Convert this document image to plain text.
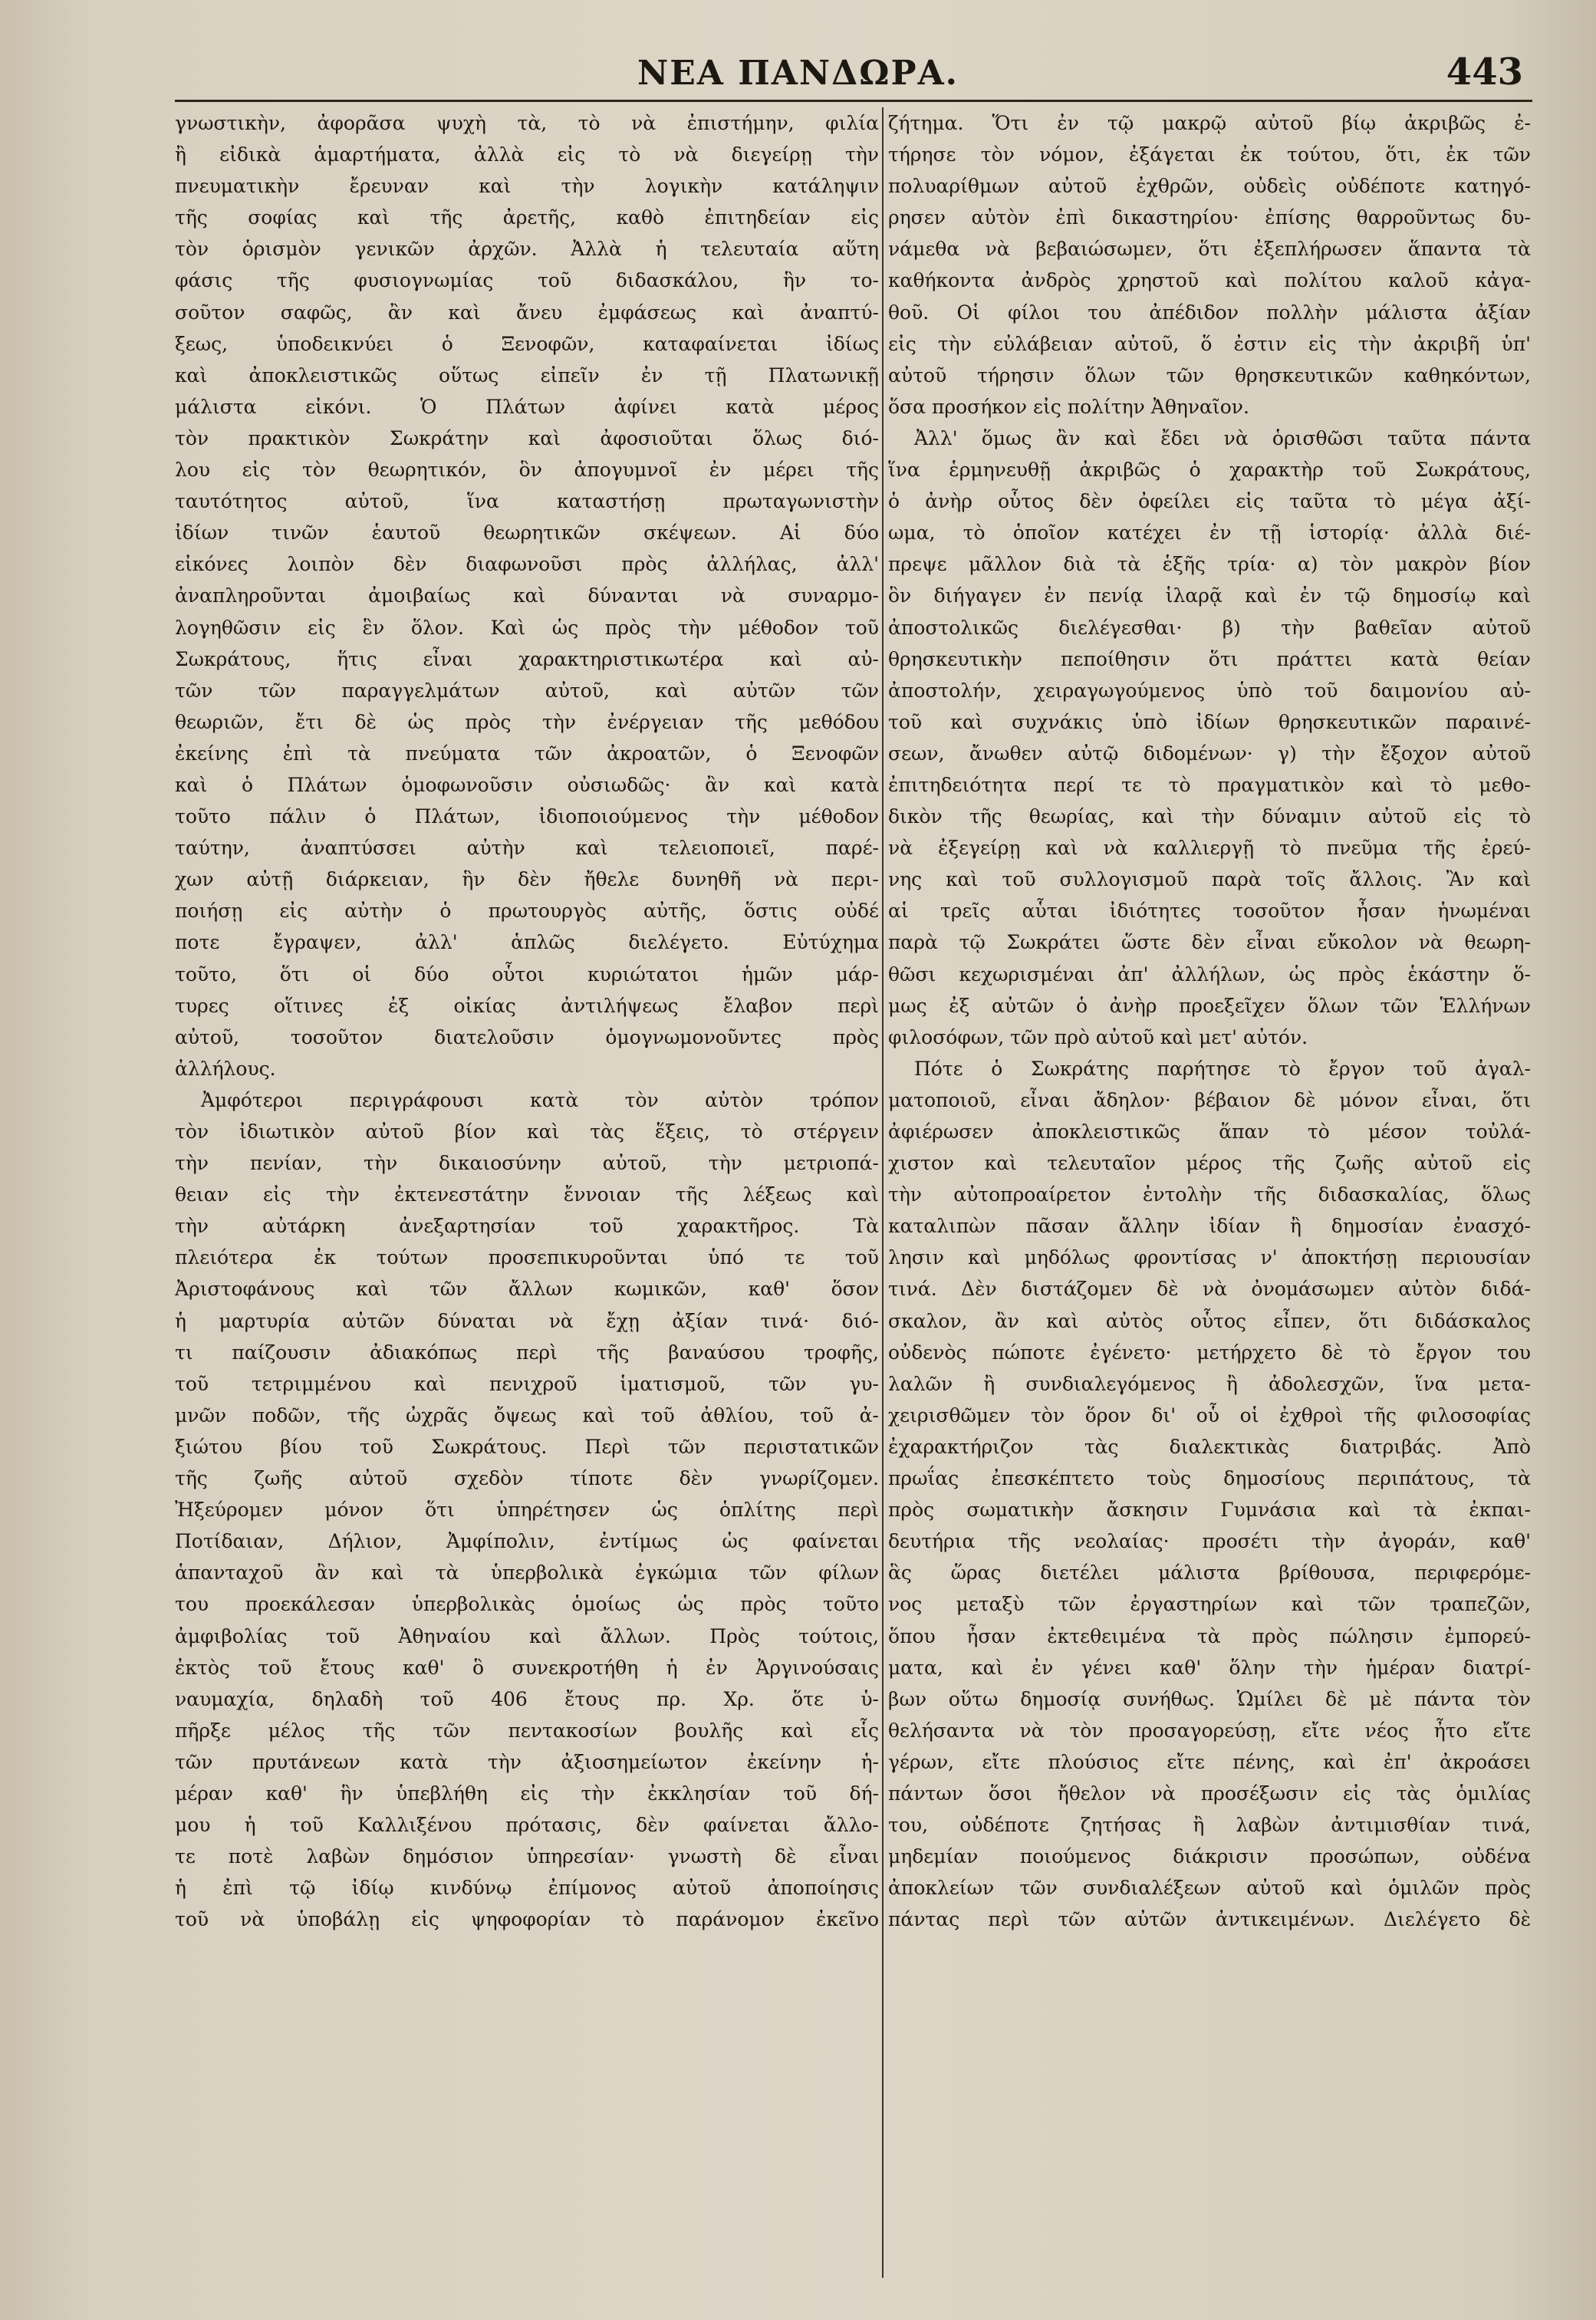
ΝΕΑ ΠΑΝΔΩΡΑ.	443
γνωστικὴν, ἀφορᾶσα ψυχὴ τὰ, τὸ νὰ ἐπιστήμην, φιλία
ἢ εἰδικὰ ἁμαρτήματα, ἀλλὰ εἰς τὸ νὰ διεγείρῃ τὴν
πνευματικὴν ἔρευναν καὶ τὴν λογικὴν κατάληψιν
τῆς σοφίας καὶ τῆς ἀρετῆς, καθὸ ἐπιτηδείαν εἰς
τὸν ὁρισμὸν γενικῶν ἀρχῶν. Ἀλλὰ ἡ τελευταία αὕτη
φάσις τῆς φυσιογνωμίας τοῦ διδασκάλου, ἣν το-
σοῦτον σαφῶς, ἂν καὶ ἄνευ ἐμφάσεως καὶ ἀναπτύ-
ξεως, ὑποδεικνύει ὁ Ξενοφῶν, καταφαίνεται ἰδίως
καὶ ἀποκλειστικῶς οὕτως εἰπεῖν ἐν τῇ Πλατωνικῇ
μάλιστα εἰκόνι. Ὁ Πλάτων ἀφίνει κατὰ μέρος
τὸν πρακτικὸν Σωκράτην καὶ ἀφοσιοῦται ὅλως διό-
λου εἰς τὸν θεωρητικόν, ὃν ἀπογυμνοῖ ἐν μέρει τῆς
ταυτότητος αὐτοῦ, ἵνα καταστήσῃ πρωταγωνιστὴν
ἰδίων τινῶν ἑαυτοῦ θεωρητικῶν σκέψεων. Αἱ δύο
εἰκόνες λοιπὸν δὲν διαφωνοῦσι πρὸς ἀλλήλας, ἀλλ'
ἀναπληροῦνται ἀμοιβαίως καὶ δύνανται νὰ συναρμο-
λογηθῶσιν εἰς ἓν ὅλον. Καὶ ὡς πρὸς τὴν μέθοδον τοῦ
Σωκράτους, ἥτις εἶναι χαρακτηριστικωτέρα καὶ αὐ-
τῶν τῶν παραγγελμάτων αὐτοῦ, καὶ αὐτῶν τῶν
θεωριῶν, ἔτι δὲ ὡς πρὸς τὴν ἐνέργειαν τῆς μεθόδου
ἐκείνης ἐπὶ τὰ πνεύματα τῶν ἀκροατῶν, ὁ Ξενοφῶν
καὶ ὁ Πλάτων ὁμοφωνοῦσιν οὐσιωδῶς· ἂν καὶ κατὰ
τοῦτο πάλιν ὁ Πλάτων, ἰδιοποιούμενος τὴν μέθοδον
ταύτην, ἀναπτύσσει αὐτὴν καὶ τελειοποιεῖ, παρέ-
χων αὐτῇ διάρκειαν, ἣν δὲν ἤθελε δυνηθῆ νὰ περι-
ποιήσῃ εἰς αὐτὴν ὁ πρωτουργὸς αὐτῆς, ὅστις οὐδέ
ποτε ἔγραψεν, ἀλλ' ἁπλῶς διελέγετο. Εὐτύχημα
τοῦτο, ὅτι οἱ δύο οὗτοι κυριώτατοι ἡμῶν μάρ-
τυρες οἵτινες ἐξ οἰκίας ἀντιλήψεως ἔλαβον περὶ
αὐτοῦ, τοσοῦτον διατελοῦσιν ὁμογνωμονοῦντες πρὸς
ἀλλήλους.
Ἀμφότεροι περιγράφουσι κατὰ τὸν αὐτὸν τρόπον
τὸν ἰδιωτικὸν αὐτοῦ βίον καὶ τὰς ἕξεις, τὸ στέργειν
τὴν πενίαν, τὴν δικαιοσύνην αὐτοῦ, τὴν μετριοπά-
θειαν εἰς τὴν ἐκτενεστάτην ἔννοιαν τῆς λέξεως καὶ
τὴν αὐτάρκη ἀνεξαρτησίαν τοῦ χαρακτῆρος. Τὰ
πλειότερα ἐκ τούτων προσεπικυροῦνται ὑπό τε τοῦ
Ἀριστοφάνους καὶ τῶν ἄλλων κωμικῶν, καθ' ὅσον
ἡ μαρτυρία αὐτῶν δύναται νὰ ἔχῃ ἀξίαν τινά· διό-
τι παίζουσιν ἀδιακόπως περὶ τῆς βαναύσου τροφῆς,
τοῦ τετριμμένου καὶ πενιχροῦ ἱματισμοῦ, τῶν γυ-
μνῶν ποδῶν, τῆς ὠχρᾶς ὄψεως καὶ τοῦ ἀθλίου, τοῦ ἀ-
ξιώτου βίου τοῦ Σωκράτους. Περὶ τῶν περιστατικῶν
τῆς ζωῆς αὐτοῦ σχεδὸν τίποτε δὲν γνωρίζομεν.
Ἠξεύρομεν μόνον ὅτι ὑπηρέτησεν ὡς ὁπλίτης περὶ
Ποτίδαιαν, Δήλιον, Ἀμφίπολιν, ἐντίμως ὡς φαίνεται
ἁπανταχοῦ ἂν καὶ τὰ ὑπερβολικὰ ἐγκώμια τῶν φίλων
του προεκάλεσαν ὑπερβολικὰς ὁμοίως ὡς πρὸς τοῦτο
ἀμφιβολίας τοῦ Ἀθηναίου καὶ ἄλλων. Πρὸς τούτοις,
ἐκτὸς τοῦ ἔτους καθ' ὃ συνεκροτήθη ἡ ἐν Ἀργινούσαις
ναυμαχία, δηλαδὴ τοῦ 406 ἔτους πρ. Χρ. ὅτε ὑ-
πῆρξε μέλος τῆς τῶν πεντακοσίων βουλῆς καὶ εἷς
τῶν πρυτάνεων κατὰ τὴν ἀξιοσημείωτον ἐκείνην ἡ-
μέραν καθ' ἣν ὑπεβλήθη εἰς τὴν ἐκκλησίαν τοῦ δή-
μου ἡ τοῦ Καλλιξένου πρότασις, δὲν φαίνεται ἄλλο-
τε ποτὲ λαβὼν δημόσιον ὑπηρεσίαν· γνωστὴ δὲ εἶναι
ἡ ἐπὶ τῷ ἰδίῳ κινδύνῳ ἐπίμονος αὐτοῦ ἀποποίησις
τοῦ νὰ ὑποβάλῃ εἰς ψηφοφορίαν τὸ παράνομον ἐκεῖνο
ζήτημα. Ὅτι ἐν τῷ μακρῷ αὐτοῦ βίῳ ἀκριβῶς ἐ-
τήρησε τὸν νόμον, ἐξάγεται ἐκ τούτου, ὅτι, ἐκ τῶν
πολυαρίθμων αὐτοῦ ἐχθρῶν, οὐδεὶς οὐδέποτε κατηγό-
ρησεν αὐτὸν ἐπὶ δικαστηρίου· ἐπίσης θαρροῦντως δυ-
νάμεθα νὰ βεβαιώσωμεν, ὅτι ἐξεπλήρωσεν ἅπαντα τὰ
καθήκοντα ἀνδρὸς χρηστοῦ καὶ πολίτου καλοῦ κἀγα-
θοῦ. Οἱ φίλοι του ἀπέδιδον πολλὴν μάλιστα ἀξίαν
εἰς τὴν εὐλάβειαν αὐτοῦ, ὅ ἐστιν εἰς τὴν ἀκριβῆ ὑπ'
αὐτοῦ τήρησιν ὅλων τῶν θρησκευτικῶν καθηκόντων,
ὅσα προσήκον εἰς πολίτην Ἀθηναῖον.
Ἀλλ' ὅμως ἂν καὶ ἔδει νὰ ὁρισθῶσι ταῦτα πάντα
ἵνα ἑρμηνευθῇ ἀκριβῶς ὁ χαρακτὴρ τοῦ Σωκράτους,
ὁ ἀνὴρ οὗτος δὲν ὀφείλει εἰς ταῦτα τὸ μέγα ἀξί-
ωμα, τὸ ὁποῖον κατέχει ἐν τῇ ἱστορίᾳ· ἀλλὰ διέ-
πρεψε μᾶλλον διὰ τὰ ἑξῆς τρία· α) τὸν μακρὸν βίον
ὃν διήγαγεν ἐν πενίᾳ ἱλαρᾷ καὶ ἐν τῷ δημοσίῳ καὶ
ἀποστολικῶς διελέγεσθαι· β) τὴν βαθεῖαν αὐτοῦ
θρησκευτικὴν πεποίθησιν ὅτι πράττει κατὰ θείαν
ἀποστολήν, χειραγωγούμενος ὑπὸ τοῦ δαιμονίου αὐ-
τοῦ καὶ συχνάκις ὑπὸ ἰδίων θρησκευτικῶν παραινέ-
σεων, ἄνωθεν αὐτῷ διδομένων· γ) τὴν ἔξοχον αὐτοῦ
ἐπιτηδειότητα περί τε τὸ πραγματικὸν καὶ τὸ μεθο-
δικὸν τῆς θεωρίας, καὶ τὴν δύναμιν αὐτοῦ εἰς τὸ
νὰ ἐξεγείρῃ καὶ νὰ καλλιεργῇ τὸ πνεῦμα τῆς ἐρεύ-
νης καὶ τοῦ συλλογισμοῦ παρὰ τοῖς ἄλλοις. Ἂν καὶ
αἱ τρεῖς αὗται ἰδιότητες τοσοῦτον ἦσαν ἡνωμέναι
παρὰ τῷ Σωκράτει ὥστε δὲν εἶναι εὔκολον νὰ θεωρη-
θῶσι κεχωρισμέναι ἀπ' ἀλλήλων, ὡς πρὸς ἑκάστην ὅ-
μως ἐξ αὐτῶν ὁ ἀνὴρ προεξεῖχεν ὅλων τῶν Ἑλλήνων
φιλοσόφων, τῶν πρὸ αὐτοῦ καὶ μετ' αὐτόν.
Πότε ὁ Σωκράτης παρήτησε τὸ ἔργον τοῦ ἀγαλ-
ματοποιοῦ, εἶναι ἄδηλον· βέβαιον δὲ μόνον εἶναι, ὅτι
ἀφιέρωσεν ἀποκλειστικῶς ἅπαν τὸ μέσον τοὐλά-
χιστον καὶ τελευταῖον μέρος τῆς ζωῆς αὐτοῦ εἰς
τὴν αὐτοπροαίρετον ἐντολὴν τῆς διδασκαλίας, ὅλως
καταλιπὼν πᾶσαν ἄλλην ἰδίαν ἢ δημοσίαν ἐνασχό-
λησιν καὶ μηδόλως φροντίσας ν' ἀποκτήσῃ περιουσίαν
τινά. Δὲν διστάζομεν δὲ νὰ ὀνομάσωμεν αὐτὸν διδά-
σκαλον, ἂν καὶ αὐτὸς οὗτος εἶπεν, ὅτι διδάσκαλος
οὐδενὸς πώποτε ἐγένετο· μετήρχετο δὲ τὸ ἔργον του
λαλῶν ἢ συνδιαλεγόμενος ἢ ἀδολεσχῶν, ἵνα μετα-
χειρισθῶμεν τὸν ὅρον δι' οὗ οἱ ἐχθροὶ τῆς φιλοσοφίας
ἐχαρακτήριζον τὰς διαλεκτικὰς διατριβάς. Ἀπὸ
πρωΐας ἐπεσκέπτετο τοὺς δημοσίους περιπάτους, τὰ
πρὸς σωματικὴν ἄσκησιν Γυμνάσια καὶ τὰ ἐκπαι-
δευτήρια τῆς νεολαίας· προσέτι τὴν ἀγοράν, καθ'
ἃς ὥρας διετέλει μάλιστα βρίθουσα, περιφερόμε-
νος μεταξὺ τῶν ἐργαστηρίων καὶ τῶν τραπεζῶν,
ὅπου ἦσαν ἐκτεθειμένα τὰ πρὸς πώλησιν ἐμπορεύ-
ματα, καὶ ἐν γένει καθ' ὅλην τὴν ἡμέραν διατρί-
βων οὕτω δημοσίᾳ συνήθως. Ὡμίλει δὲ μὲ πάντα τὸν
θελήσαντα νὰ τὸν προσαγορεύσῃ, εἴτε νέος ἦτο εἴτε
γέρων, εἴτε πλούσιος εἴτε πένης, καὶ ἐπ' ἀκροάσει
πάντων ὅσοι ἤθελον νὰ προσέξωσιν εἰς τὰς ὁμιλίας
του, οὐδέποτε ζητήσας ἢ λαβὼν ἀντιμισθίαν τινά,
μηδεμίαν ποιούμενος διάκρισιν προσώπων, οὐδένα
ἀποκλείων τῶν συνδιαλέξεων αὐτοῦ καὶ ὁμιλῶν πρὸς
πάντας περὶ τῶν αὐτῶν ἀντικειμένων. Διελέγετο δὲ
